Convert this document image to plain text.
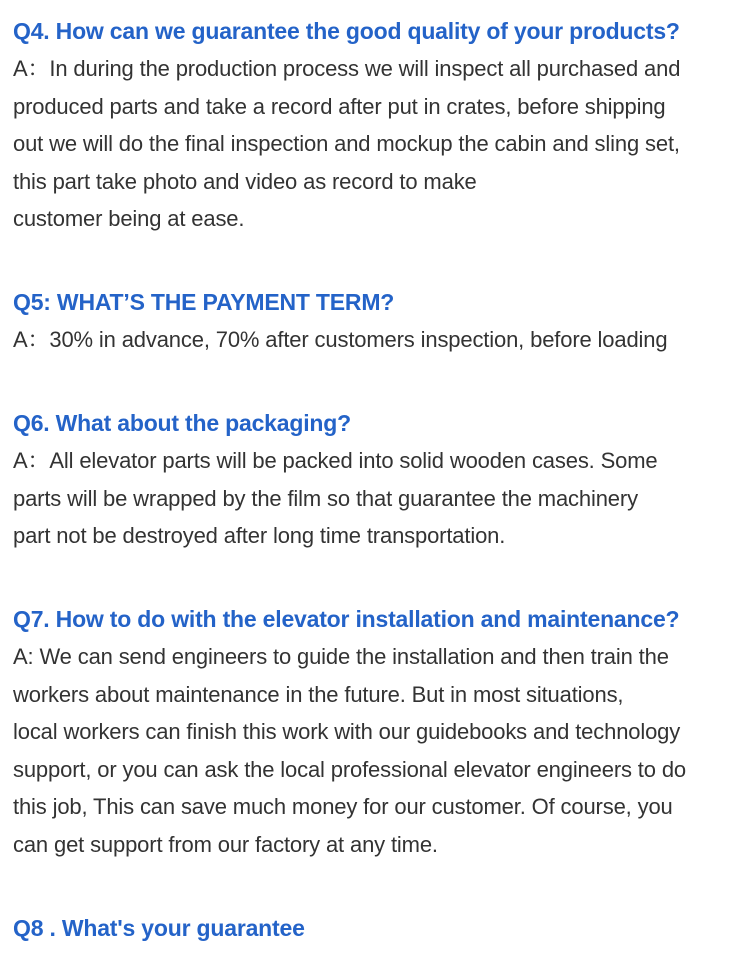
Q4. How can we guarantee the good quality of your products?
A：In during the production process we will inspect all purchased and
produced parts and take a record after put in crates, before shipping
out we will do the final inspection and mockup the cabin and sling set,
this part take photo and video as record to make
customer being at ease.
Q5: WHAT’S THE PAYMENT TERM?
A：30% in advance, 70% after customers inspection, before loading
Q6. What about the packaging?
A：All elevator parts will be packed into solid wooden cases. Some
parts will be wrapped by the film so that guarantee the machinery
part not be destroyed after long time transportation.
Q7. How to do with the elevator installation and maintenance?
A: We can send engineers to guide the installation and then train the
workers about maintenance in the future. But in most situations,
local workers can finish this work with our guidebooks and technology
support, or you can ask the local professional elevator engineers to do
this job, This can save much money for our customer. Of course, you
can get support from our factory at any time.
Q8 . What's your guarantee
